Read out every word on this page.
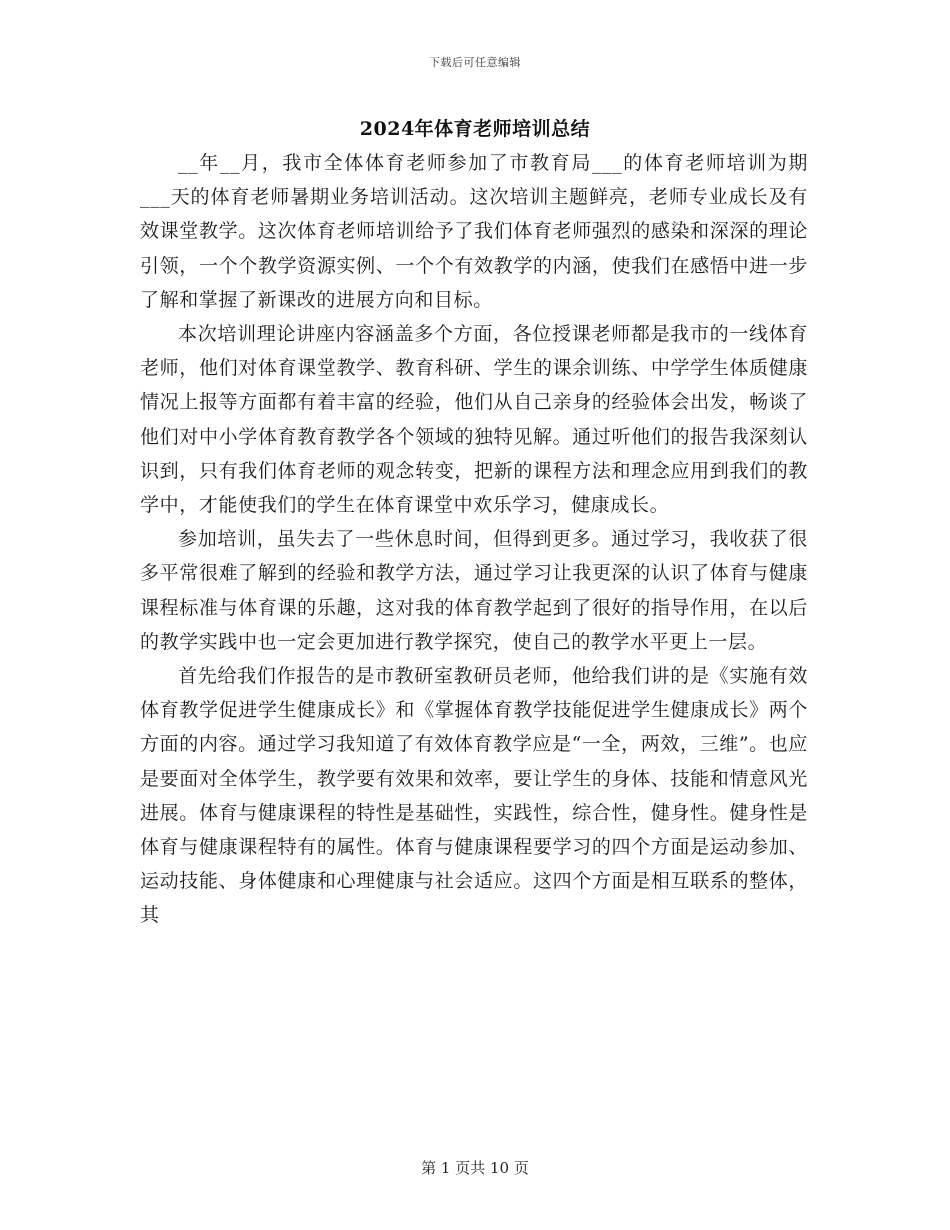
下载后可任意编辑
2024年体育老师培训总结

__年__月，我市全体体育老师参加了市教育局___的体育老师培训为期___天的体育老师暑期业务培训活动。这次培训主题鲜亮，老师专业成长及有效课堂教学。这次体育老师培训给予了我们体育老师强烈的感染和深深的理论引领，一个个教学资源实例、一个个有效教学的内涵，使我们在感悟中进一步了解和掌握了新课改的进展方向和目标。

本次培训理论讲座内容涵盖多个方面，各位授课老师都是我市的一线体育老师，他们对体育课堂教学、教育科研、学生的课余训练、中学学生体质健康情况上报等方面都有着丰富的经验，他们从自己亲身的经验体会出发，畅谈了他们对中小学体育教育教学各个领域的独特见解。通过听他们的报告我深刻认识到，只有我们体育老师的观念转变，把新的课程方法和理念应用到我们的教学中，才能使我们的学生在体育课堂中欢乐学习，健康成长。

参加培训，虽失去了一些休息时间，但得到更多。通过学习，我收获了很多平常很难了解到的经验和教学方法，通过学习让我更深的认识了体育与健康课程标准与体育课的乐趣，这对我的体育教学起到了很好的指导作用，在以后的教学实践中也一定会更加进行教学探究，使自己的教学水平更上一层。

首先给我们作报告的是市教研室教研员老师，他给我们讲的是《实施有效体育教学促进学生健康成长》和《掌握体育教学技能促进学生健康成长》两个方面的内容。通过学习我知道了有效体育教学应是“一全，两效，三维”。也应是要面对全体学生，教学要有效果和效率，要让学生的身体、技能和情意风光进展。体育与健康课程的特性是基础性，实践性，综合性，健身性。健身性是体育与健康课程特有的属性。体育与健康课程要学习的四个方面是运动参加、运动技能、身体健康和心理健康与社会适应。这四个方面是相互联系的整体，其

第 1 页共 10 页
